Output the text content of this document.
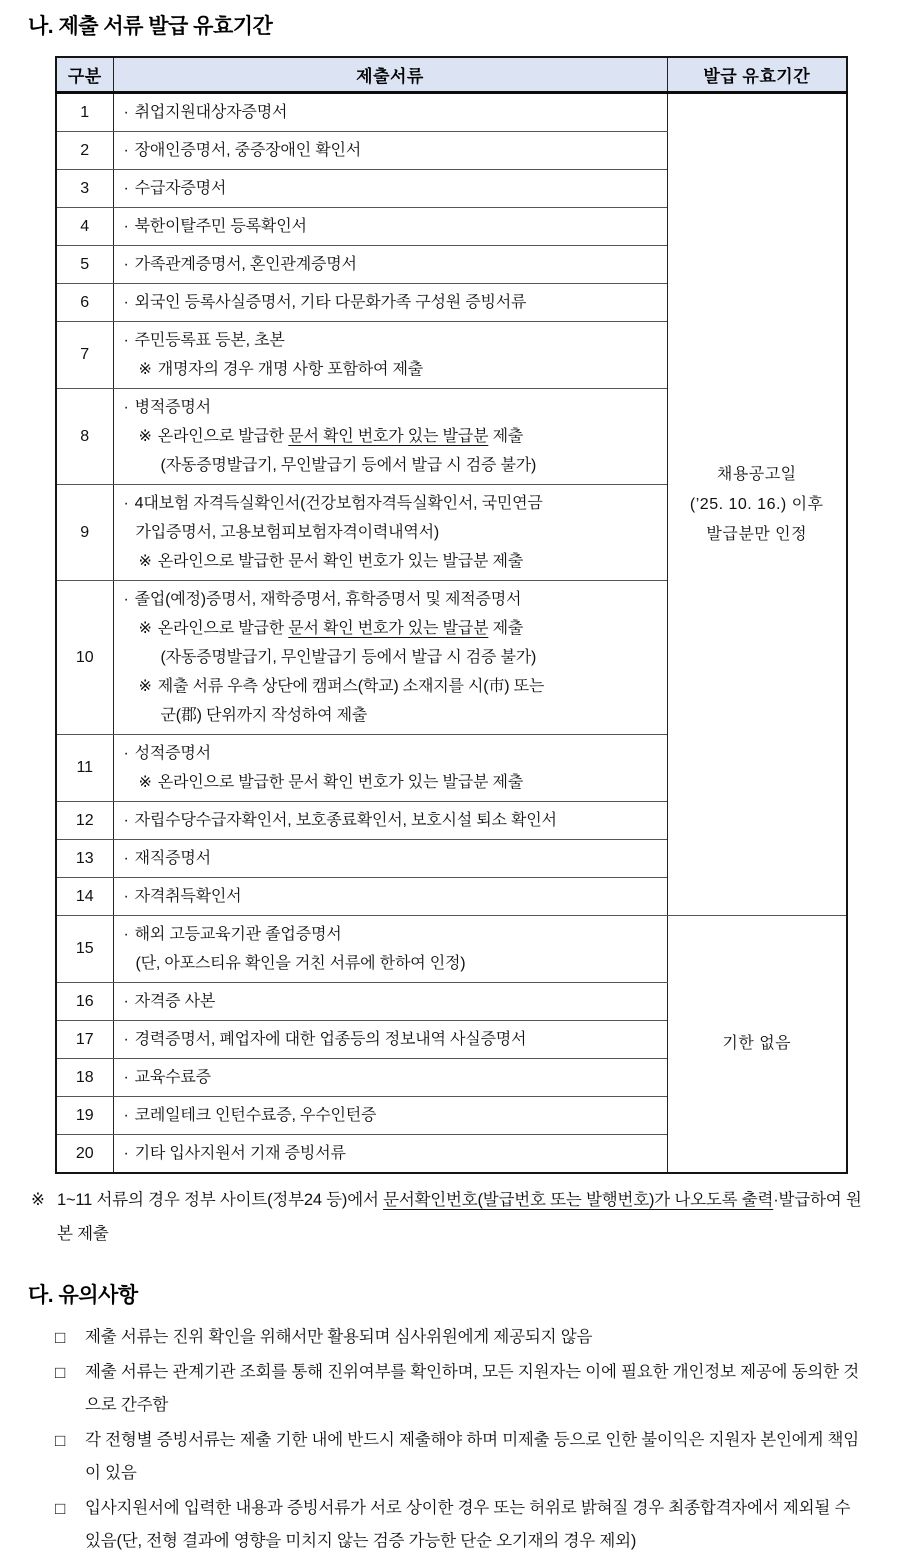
나. 제출 서류 발급 유효기간
구분	제출서류	발급 유효기간
1	· 취업지원대상자증명서	채용공고일
(’25. 10. 16.) 이후
발급분만 인정

2	· 장애인증명서, 중증장애인 확인서	

3	· 수급자증명서	

4	· 북한이탈주민 등록확인서	

5	· 가족관계증명서, 혼인관계증명서	

6	· 외국인 등록사실증명서, 기타 다문화가족 구성원 증빙서류	

7	· 주민등록표 등본, 초본
※ 개명자의 경우 개명 사항 포함하여 제출	

8	· 병적증명서
※ 온라인으로 발급한 문서 확인 번호가 있는 발급분 제출
(자동증명발급기, 무인발급기 등에서 발급 시 검증 불가)	

9	· 4대보험 자격득실확인서(건강보험자격득실확인서, 국민연금
가입증명서, 고용보험피보험자격이력내역서)
※ 온라인으로 발급한 문서 확인 번호가 있는 발급분 제출	

10	· 졸업(예정)증명서, 재학증명서, 휴학증명서 및 제적증명서
※ 온라인으로 발급한 문서 확인 번호가 있는 발급분 제출
(자동증명발급기, 무인발급기 등에서 발급 시 검증 불가)
※ 제출 서류 우측 상단에 캠퍼스(학교) 소재지를 시(市) 또는
군(郡) 단위까지 작성하여 제출	

11	· 성적증명서
※ 온라인으로 발급한 문서 확인 번호가 있는 발급분 제출	

12	· 자립수당수급자확인서, 보호종료확인서, 보호시설 퇴소 확인서	

13	· 재직증명서	

14	· 자격취득확인서	

15	· 해외 고등교육기관 졸업증명서
(단, 아포스티유 확인을 거친 서류에 한하여 인정)	기한 없음

16	· 자격증 사본	

17	· 경력증명서, 폐업자에 대한 업종등의 정보내역 사실증명서	

18	· 교육수료증	

19	· 코레일테크 인턴수료증, 우수인턴증	

20	· 기타 입사지원서 기재 증빙서류	
※ 1~11 서류의 경우 정부 사이트(정부24 등)에서 문서확인번호(발급번호 또는 발행번호)가 나오도록 출력·발급하여 원본 제출
다. 유의사항
□	제출 서류는 진위 확인을 위해서만 활용되며 심사위원에게 제공되지 않음
□	제출 서류는 관계기관 조회를 통해 진위여부를 확인하며, 모든 지원자는 이에 필요한 개인정보 제공에 동의한 것으로 간주함
□	각 전형별 증빙서류는 제출 기한 내에 반드시 제출해야 하며 미제출 등으로 인한 불이익은 지원자 본인에게 책임이 있음
□	입사지원서에 입력한 내용과 증빙서류가 서로 상이한 경우 또는 허위로 밝혀질 경우 최종합격자에서 제외될 수 있음(단, 전형 결과에 영향을 미치지 않는 검증 가능한 단순 오기재의 경우 제외)
